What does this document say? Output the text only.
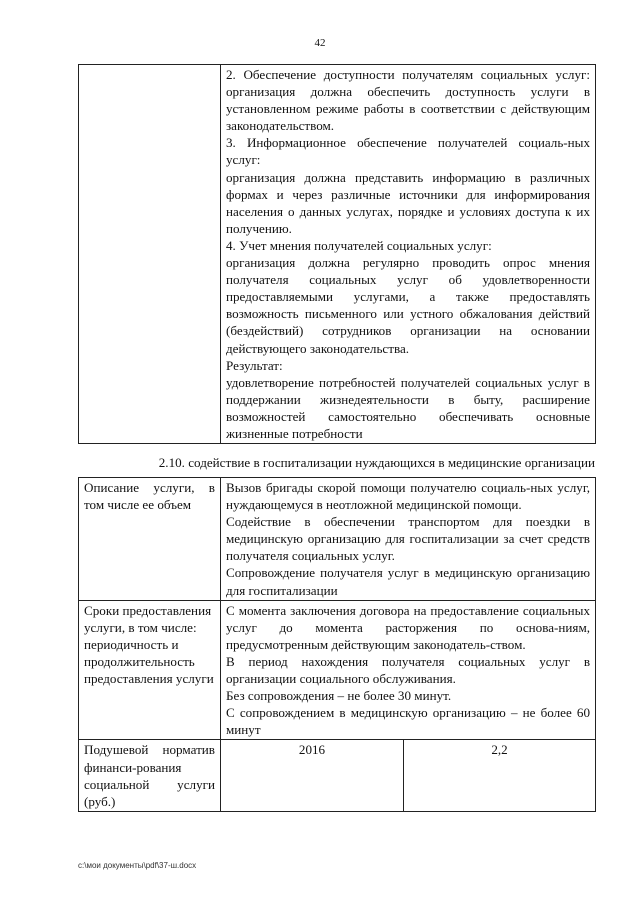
42

2. Обеспечение доступности получателям социальных услуг: организация должна обеспечить доступность услуги в установленном режиме работы в соответствии с действующим законодательством.
3. Информационное обеспечение получателей социаль-ных услуг:
организация должна представить информацию в различных формах и через различные источники для информирования населения о данных услугах, порядке и условиях доступа к их получению.
4. Учет мнения получателей социальных услуг:
организация должна регулярно проводить опрос мнения получателя социальных услуг об удовлетворенности предоставляемыми услугами, а также предоставлять возможность письменного или устного обжалования действий (бездействий) сотрудников организации на основании действующего законодательства.
Результат:
удовлетворение потребностей получателей социальных услуг в поддержании жизнедеятельности в быту, расширение возможностей самостоятельно обеспечивать основные жизненные потребности
2.10. содействие в госпитализации нуждающихся в медицинские организации
Описание услуги, в том числе ее объем	Вызов бригады скорой помощи получателю социаль-ных услуг, нуждающемуся в неотложной медицинской помощи.
Содействие в обеспечении транспортом для поездки в медицинскую организацию для госпитализации за счет средств получателя социальных услуг.
Сопровождение получателя услуг в медицинскую организацию для госпитализации	

Сроки предоставления услуги, в том числе: периодичность и продолжительность предоставления услуги	С момента заключения договора на предоставление социальных услуг до момента расторжения по основа-ниям, предусмотренным действующим законодатель-ством.
В период нахождения получателя социальных услуг в организации социального обслуживания.
Без сопровождения – не более 30 минут.
С сопровождением в медицинскую организацию – не более 60 минут	

Подушевой норматив финанси-рования социальной услуги (руб.)	2016	2,2
c:\мои документы\pdf\37-ш.docx
